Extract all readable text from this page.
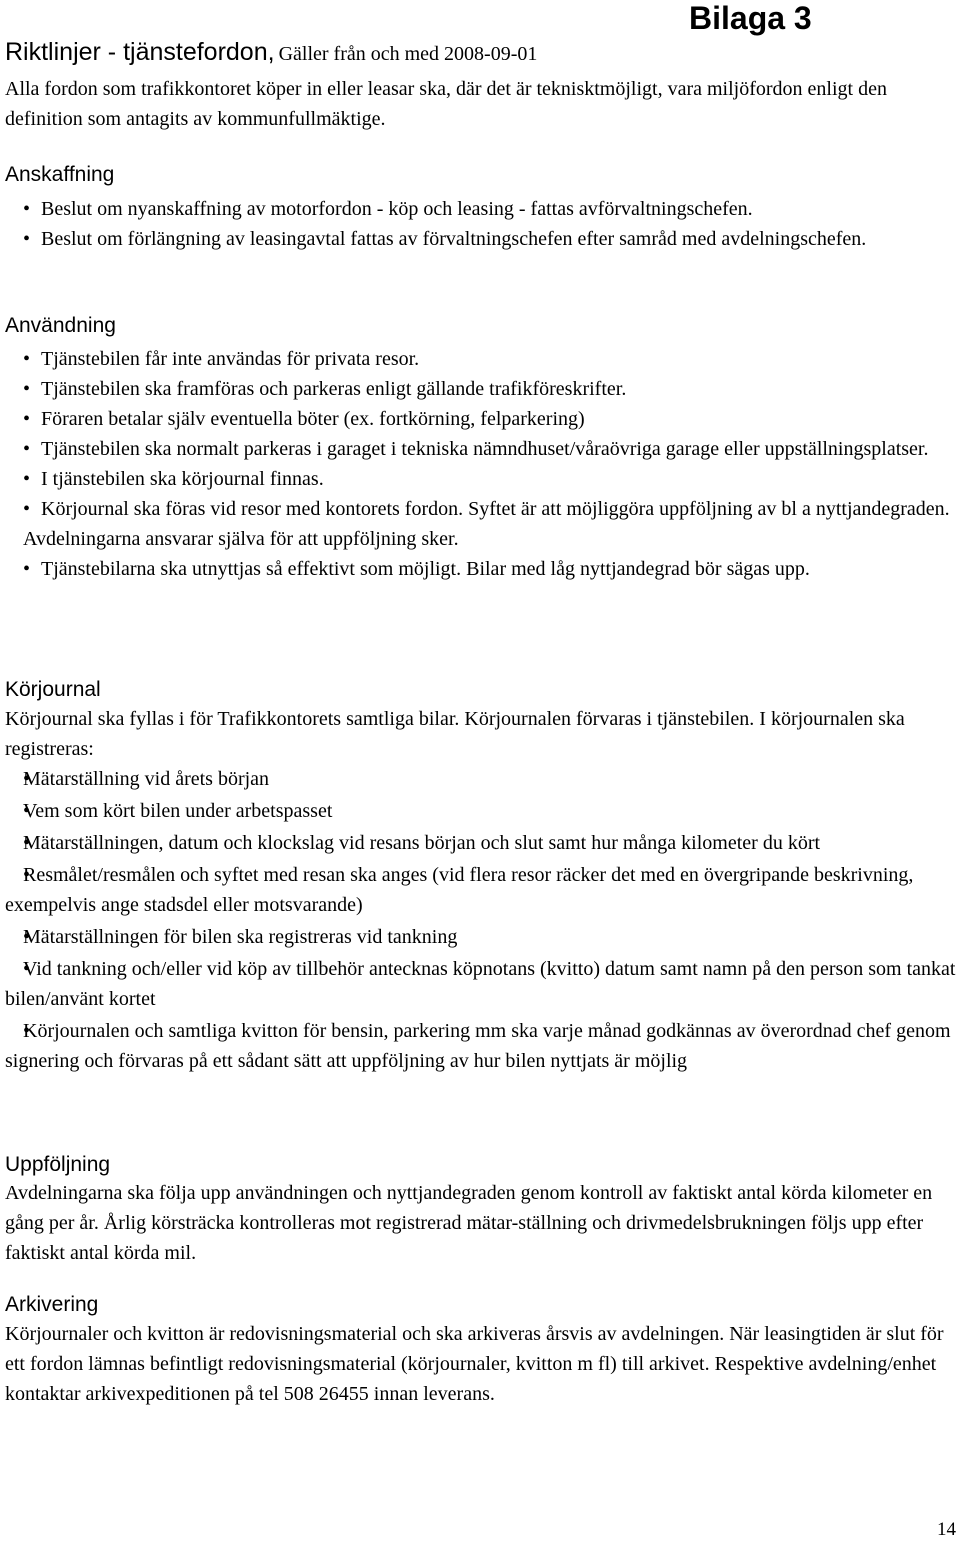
Bilaga 3
Riktlinjer - tjänstefordon, Gäller från och med 2008-09-01

Alla fordon som trafikkontoret köper in eller leasar ska, där det är teknisktmöjligt, vara miljöfordon enligt den definition som antagits av kommunfullmäktige.

Anskaffning
• Beslut om nyanskaffning av motorfordon - köp och leasing - fattas avförvaltningschefen.
• Beslut om förlängning av leasingavtal fattas av förvaltningschefen efter samråd med avdelningschefen.
Användning
• Tjänstebilen får inte användas för privata resor.
• Tjänstebilen ska framföras och parkeras enligt gällande trafikföreskrifter.
• Föraren betalar själv eventuella böter (ex. fortkörning, felparkering)
• Tjänstebilen ska normalt parkeras i garaget i tekniska nämndhuset/våraövriga garage eller uppställningsplatser.
• I tjänstebilen ska körjournal finnas.
• Körjournal ska föras vid resor med kontorets fordon. Syftet är att möjliggöra uppföljning av bl a nyttjandegraden. Avdelningarna ansvarar själva för att uppföljning sker.
• Tjänstebilarna ska utnyttjas så effektivt som möjligt. Bilar med låg nyttjandegrad bör sägas upp.
Körjournal

Körjournal ska fyllas i för Trafikkontorets samtliga bilar. Körjournalen förvaras i tjänstebilen. I körjournalen ska registreras:

• Mätarställning vid årets början
• Vem som kört bilen under arbetspasset
• Mätarställningen, datum och klockslag vid resans början och slut samt hur många kilometer du kört
• Resmålet/resmålen och syftet med resan ska anges (vid flera resor räcker det med en övergripande beskrivning, exempelvis ange stadsdel eller motsvarande)
• Mätarställningen för bilen ska registreras vid tankning
• Vid tankning och/eller vid köp av tillbehör antecknas köpnotans (kvitto) datum samt namn på den person som tankat bilen/använt kortet
• Körjournalen och samtliga kvitton för bensin, parkering mm ska varje månad godkännas av överordnad chef genom signering och förvaras på ett sådant sätt att uppföljning av hur bilen nyttjats är möjlig
Uppföljning

Avdelningarna ska följa upp användningen och nyttjandegraden genom kontroll av faktiskt antal körda kilometer en gång per år. Årlig körsträcka kontrolleras mot registrerad mätar-ställning och drivmedelsbrukningen följs upp efter faktiskt antal körda mil.

Arkivering

Körjournaler och kvitton är redovisningsmaterial och ska arkiveras årsvis av avdelningen. När leasingtiden är slut för ett fordon lämnas befintligt redovisningsmaterial (körjournaler, kvitton m fl) till arkivet. Respektive avdelning/enhet kontaktar arkivexpeditionen på tel 508 26455 innan leverans.

14
